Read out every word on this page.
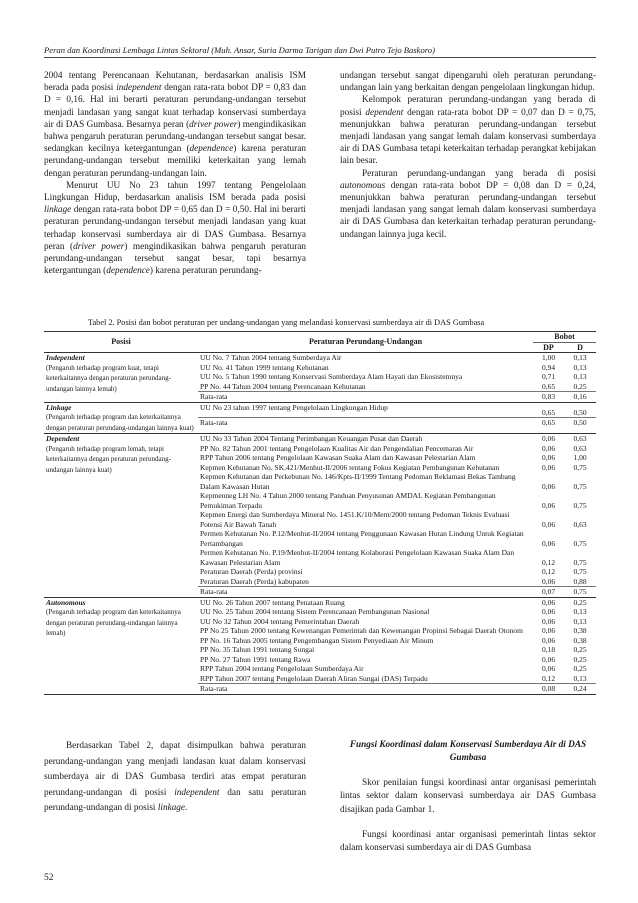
Peran dan Koordinasi Lembaga Lintas Sektoral (Muh. Ansar, Suria Darma Tarigan dan Dwi Putro Tejo Baskoro)

2004 tentang Perencanaan Kehutanan, berdasarkan analisis ISM berada pada posisi independent dengan rata-rata bobot DP = 0,83 dan D = 0,16. Hal ini berarti peraturan perundang-undangan tersebut menjadi landasan yang sangat kuat terhadap konservasi sumberdaya air di DAS Gumbasa. Besarnya peran (driver power) mengindikasikan bahwa pengaruh peraturan perundang-undangan tersebut sangat besar. sedangkan kecilnya ketergantungan (dependence) karena peraturan perundang-undangan tersebut memiliki keterkaitan yang lemah dengan peraturan perundang-undangan lain.

Menurut UU No 23 tahun 1997 tentang Pengelolaan Lingkungan Hidup, berdasarkan analisis ISM berada pada posisi linkage dengan rata-rata bobot DP = 0,65 dan D = 0,50. Hal ini berarti peraturan perundang-undangan tersebut menjadi landasan yang kuat terhadap konservasi sumberdaya air di DAS Gumbasa. Besarnya peran (driver power) mengindikasikan bahwa pengaruh peraturan perundang-undangan tersebut sangat besar, tapi besarnya ketergantungan (dependence) karena peraturan perundang-

undangan tersebut sangat dipengaruhi oleh peraturan perundang-undangan lain yang berkaitan dengan pengelolaan lingkungan hidup.

Kelompok peraturan perundang-undangan yang berada di posisi dependent dengan rata-rata bobot DP = 0,07 dan D = 0,75, menunjukkan bahwa peraturan perundang-undangan tersebut menjadi landasan yang sangat lemah dalam konservasi sumberdaya air di DAS Gumbasa tetapi keterkaitan terhadap perangkat kebijakan lain besar.

Peraturan perundang-undangan yang berada di posisi autonomous dengan rata-rata bobot DP = 0,08 dan D = 0,24, menunjukkan bahwa peraturan perundang-undangan tersebut menjadi landasan yang sangat lemah dalam konservasi sumberdaya air di DAS Gumbasa dan keterkaitan terhadap peraturan perundang-undangan lainnya juga kecil.

Tabel 2. Posisi dan bobot peraturan per undang-undangan yang melandasi konservasi sumberdaya air di DAS Gumbasa
Posisi	Peraturan Perundang-Undangan	Bobot	
		DP	D
Independent
(Pengaruh terhadap program kuat, tetapi keterkaitannya dengan peraturan perundang-undangan lainnya lemah)	UU No. 7 Tahun 2004 tentang Sumberdaya Air	1,00	0,13
	UU No. 41 Tahun 1999 tentang Kehutanan	0,94	0,13
	UU No. 5 Tahun 1990 tentang Konservasi Sumberdaya Alam Hayati dan Ekosistemnya	0,71	0,13
	PP No. 44 Tahun 2004 tentang Perencanaan Kehutanan	0,65	0,25
	Rata-rata	0,83	0,16
Linkage
(Pengaruh terhadap program dan keterkaitannya dengan peraturan perundang-undangan lainnya kuat)	UU No 23 tahun 1997 tentang Pengelolaan Lingkungan Hidup	0,65	0,50
	Rata-rata	0,65	0,50
Dependent
(Pengaruh terhadap program lemah, tetapi keterkaitannya dengan peraturan perundang-undangan lainnya kuat)	UU No 33 Tahun 2004 Tentang Perimbangan Keuangan Pusat dan Daerah	0,06	0,63
	PP No. 82 Tahun 2001 tentang Pengelolaan Kualitas Air dan Pengendalian Pencemaran Air	0,06	0,63
	RPP Tahun 2006 tentang Pengelolaan Kawasan Suaka Alam dan Kawasan Pelestarian Alam	0,06	1,00
	Kepmen Kehutanan No. SK.421/Menhut-II/2006 tentang Fokus Kegiatan Pembangunan Kehutanan	0,06	0,75
	Kepmen Kehutanan dan Perkebunan No. 146/Kpts-II/1999 Tentang Pedoman Reklamasi Bekas Tambang Dalam Kawasan Hutan	0,06	0,75
	Kepmenneg LH No. 4 Tahun 2000 tentang Panduan Penyusunan AMDAL Kegiatan Pembangunan Pemukiman Terpadu	0,06	0,75
	Kepmen Energi dan Sumberdaya Mineral No. 1451.K/10/Mem/2000 tentang Pedoman Teknis Evaluasi Potensi Air Bawah Tanah	0,06	0,63
	Permen Kehutanan No. P.12/Menhut-II/2004 tentang Penggunaan Kawasan Hutan Lindung Untuk Kegiatan Pertambangan	0,06	0,75
	Permen Kehutanan No. P.19/Menhut-II/2004 tentang Kolaborasi Pengelolaan Kawasan Suaka Alam Dan Kawasan Pelestarian Alam	0,12	0,75
	Peraturan Daerah (Perda) provinsi	0,12	0,75
	Peraturan Daerah (Perda) kabupaten	0,06	0,88
	Rata-rata	0,07	0,75
Autonomous
(Pengaruh terhadap program dan keterkaitannya dengan peraturan perundang-undangan lainnya lemah)	UU No. 26 Tahun 2007 tentang Penataan Ruang	0,06	0,25
	UU No. 25 Tahun 2004 tentang Sistem Perencanaan Pembangunan Nasional	0,06	0,13
	UU No 32 Tahun 2004 tentang Pemerintahan Daerah	0,06	0,13
	PP No 25 Tahun 2000 tentang Kewenangan Pemerintah dan Kewenangan Propinsi Sebagai Daerah Otonom	0,06	0,38
	PP No. 16 Tahun 2005 tentang Pengembangan Sistem Penyediaan Air Minum	0,06	0,38
	PP No. 35 Tahun 1991 tentang Sungai	0,18	0,25
	PP No. 27 Tahun 1991 tentang Rawa	0,06	0,25
	RPP Tahun 2004 tentang Pengelolaan Sumberdaya Air	0,06	0,25
	RPP Tahun 2007 tentang Pengelolaan Daerah Aliran Sungai (DAS) Terpadu	0,12	0,13
	Rata-rata	0,08	0,24

Berdasarkan Tabel 2, dapat disimpulkan bahwa peraturan perundang-undangan yang menjadi landasan kuat dalam konservasi sumberdaya air di DAS Gumbasa terdiri atas empat peraturan perundang-undangan di posisi independent dan satu peraturan perundang-undangan di posisi linkage.

Fungsi Koordinasi dalam Konservasi Sumberdaya Air di DAS Gumbasa

Skor penilaian fungsi koordinasi antar organisasi pemerintah lintas sektor dalam konservasi sumberdaya air DAS Gumbasa disajikan pada Gambar 1.

Fungsi koordinasi antar organisasi pemerintah lintas sektor dalam konservasi sumberdaya air di DAS Gumbasa

52
